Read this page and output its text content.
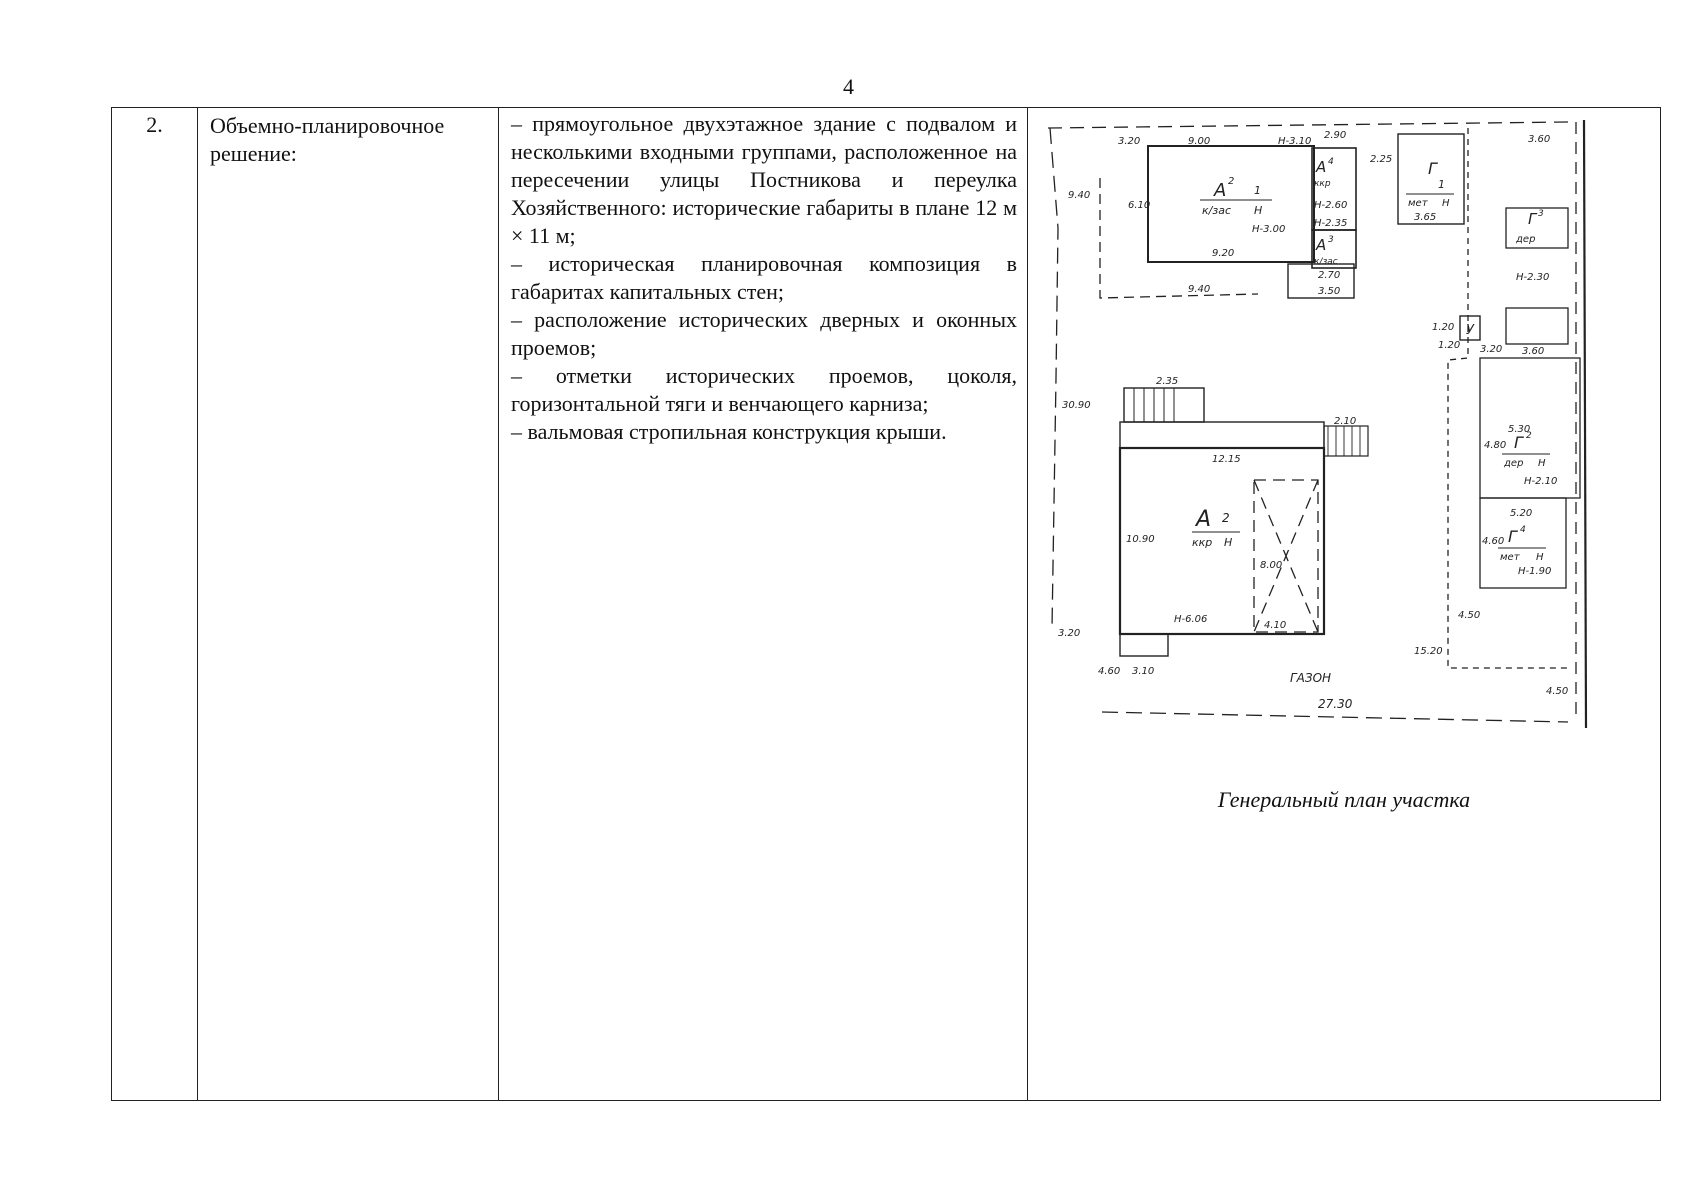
4
2.	Объемно-планировочное решение:

– прямоугольное двухэтажное здание с подвалом и несколькими входными группами, расположенное на пересечении улицы Постникова и переулка Хозяйственного: исторические габариты в плане 12 м × 11 м;
– историческая планировочная композиция в габаритах капитальных стен;
– расположение исторических дверных и оконных проемов;
– отметки исторических проемов, цоколя, горизонтальной тяги и венчающего карниза;
– вальмовая стропильная конструкция крыши.

А 2
1
к/зас Н
А 4
ккр
А 3
к/зас
Г
1
мет Н
Г 3
дер
У
А 2
ккр Н
Г 2
дер Н
Г 4
мет Н
3.20	9.00	Н-3.10
2.90	3.60
6.10
9.20
Н-3.00
9.40
Н-2.60
Н-2.35
2.70
3.50
2.25
3.65
Н-2.30
3.60
9.40
30.90
3.20
4.60
2.35
2.10
12.15
10.90
8.00
Н-6.06
4.10
3.10
5.30
Н-2.10
4.80
5.20
Н-1.90
4.60
4.50
15.20
27.30
4.50
1.20
1.20
3.20
ГАЗОН
Генеральный план участка
